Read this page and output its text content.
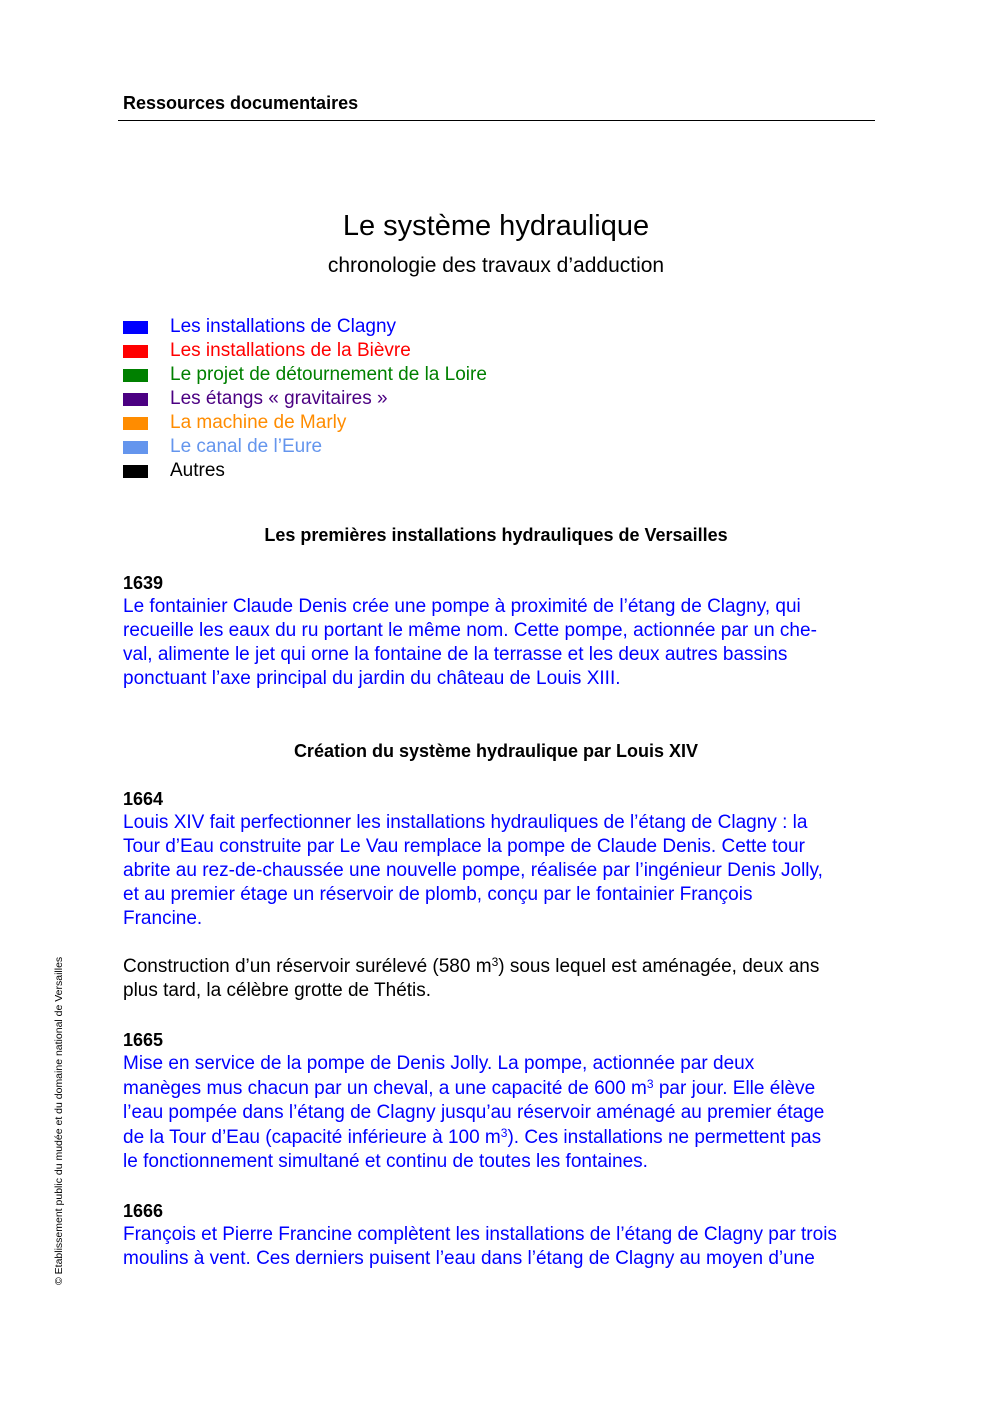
Ressources documentaires
Le système hydraulique
chronologie des travaux d’adduction
Les installations de Clagny
Les installations de la Bièvre
Le projet de détournement de la Loire
Les étangs « gravitaires »
La machine de Marly
Le canal de l’Eure
Autres
Les premières installations hydrauliques de Versailles
1639

Le fontainier Claude Denis crée une pompe à proximité de l’étang de Clagny, qui
recueille les eaux du ru portant le même nom. Cette pompe, actionnée par un che-
val, alimente le jet qui orne la fontaine de la terrasse et les deux autres bassins
ponctuant l’axe principal du jardin du château de Louis XIII.

Création du système hydraulique par Louis XIV
1664

Louis XIV fait perfectionner les installations hydrauliques de l’étang de Clagny : la
Tour d’Eau construite par Le Vau remplace la pompe de Claude Denis. Cette tour
abrite au rez-de-chaussée une nouvelle pompe, réalisée par l’ingénieur Denis Jolly,
et au premier étage un réservoir de plomb, conçu par le fontainier François
Francine.

Construction d’un réservoir surélevé (580 $m^3$) sous lequel est aménagée, deux ans
plus tard, la célèbre grotte de Thétis.

1665

Mise en service de la pompe de Denis Jolly. La pompe, actionnée par deux
manèges mus chacun par un cheval, a une capacité de 600 $m^3$ par jour. Elle élève
l’eau pompée dans l’étang de Clagny jusqu’au réservoir aménagé au premier étage
de la Tour d’Eau (capacité inférieure à 100 $m^3$). Ces installations ne permettent pas
le fonctionnement simultané et continu de toutes les fontaines.

1666

François et Pierre Francine complètent les installations de l’étang de Clagny par trois
moulins à vent. Ces derniers puisent l’eau dans l’étang de Clagny au moyen d’une

© Etablissement public du mudée et du domaine national de Versailles
